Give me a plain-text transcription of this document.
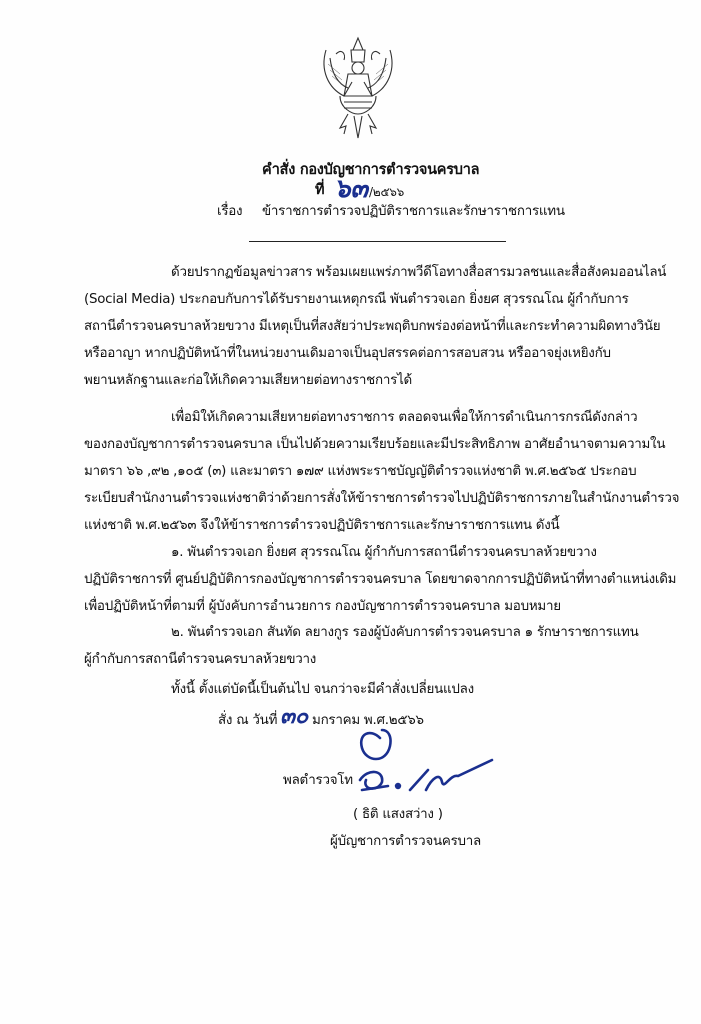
คำสั่ง กองบัญชาการตำรวจนครบาล
ที่ ๖๓ /๒๕๖๖
เรื่อง ข้าราชการตำรวจปฏิบัติราชการและรักษาราชการแทน
ด้วยปรากฏข้อมูลข่าวสาร พร้อมเผยแพร่ภาพวีดีโอทางสื่อสารมวลชนและสื่อสังคมออนไลน์
(Social Media) ประกอบกับการได้รับรายงานเหตุกรณี พันตำรวจเอก ยิ่งยศ สุวรรณโณ ผู้กำกับการ
สถานีตำรวจนครบาลห้วยขวาง มีเหตุเป็นที่สงสัยว่าประพฤติบกพร่องต่อหน้าที่และกระทำความผิดทางวินัย
หรืออาญา หากปฏิบัติหน้าที่ในหน่วยงานเดิมอาจเป็นอุปสรรคต่อการสอบสวน หรืออาจยุ่งเหยิงกับ
พยานหลักฐานและก่อให้เกิดความเสียหายต่อทางราชการได้
เพื่อมิให้เกิดความเสียหายต่อทางราชการ ตลอดจนเพื่อให้การดำเนินการกรณีดังกล่าว
ของกองบัญชาการตำรวจนครบาล เป็นไปด้วยความเรียบร้อยและมีประสิทธิภาพ อาศัยอำนาจตามความใน
มาตรา ๖๖ ,๙๒ ,๑๐๕ (๓) และมาตรา ๑๗๙ แห่งพระราชบัญญัติตำรวจแห่งชาติ พ.ศ.๒๕๖๕ ประกอบ
ระเบียบสำนักงานตำรวจแห่งชาติว่าด้วยการสั่งให้ข้าราชการตำรวจไปปฏิบัติราชการภายในสำนักงานตำรวจ
แห่งชาติ พ.ศ.๒๕๖๓ จึงให้ข้าราชการตำรวจปฏิบัติราชการและรักษาราชการแทน ดังนี้
๑. พันตำรวจเอก ยิ่งยศ สุวรรณโณ ผู้กำกับการสถานีตำรวจนครบาลห้วยขวาง
ปฏิบัติราชการที่ ศูนย์ปฏิบัติการกองบัญชาการตำรวจนครบาล โดยขาดจากการปฏิบัติหน้าที่ทางตำแหน่งเดิม
เพื่อปฏิบัติหน้าที่ตามที่ ผู้บังคับการอำนวยการ กองบัญชาการตำรวจนครบาล มอบหมาย
๒. พันตำรวจเอก สันทัด ลยางกูร รองผู้บังคับการตำรวจนครบาล ๑ รักษาราชการแทน
ผู้กำกับการสถานีตำรวจนครบาลห้วยขวาง
ทั้งนี้ ตั้งแต่บัดนี้เป็นต้นไป จนกว่าจะมีคำสั่งเปลี่ยนแปลง
สั่ง ณ วันที่ ๓๐ มกราคม พ.ศ.๒๕๖๖
พลตำรวจโท
( ธิติ แสงสว่าง )
ผู้บัญชาการตำรวจนครบาล
